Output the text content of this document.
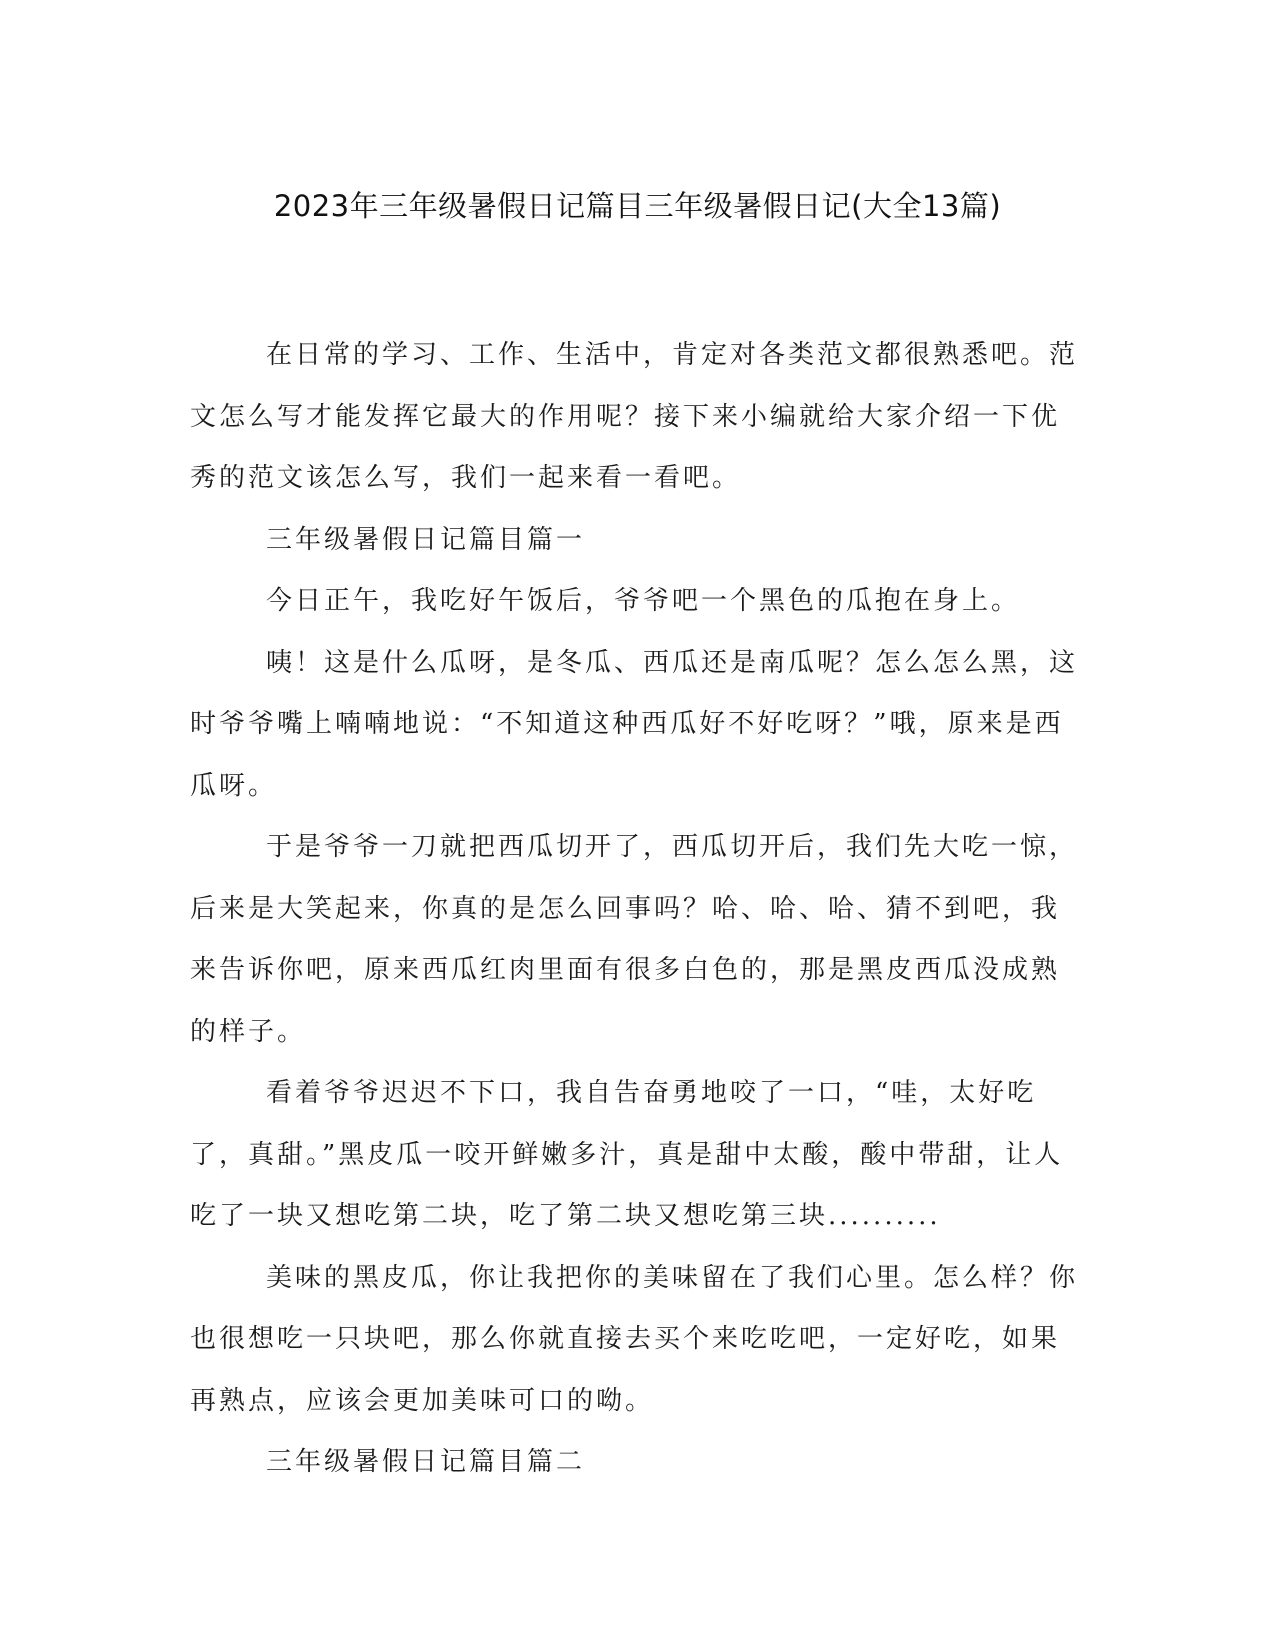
2023年三年级暑假日记篇目三年级暑假日记(大全13篇)

在日常的学习、工作、生活中，肯定对各类范文都很熟悉吧。范文怎么写才能发挥它最大的作用呢？接下来小编就给大家介绍一下优秀的范文该怎么写，我们一起来看一看吧。

三年级暑假日记篇目篇一

今日正午，我吃好午饭后，爷爷吧一个黑色的瓜抱在身上。

咦！这是什么瓜呀，是冬瓜、西瓜还是南瓜呢？怎么怎么黑，这时爷爷嘴上喃喃地说：“不知道这种西瓜好不好吃呀？”哦，原来是西瓜呀。

于是爷爷一刀就把西瓜切开了，西瓜切开后，我们先大吃一惊，后来是大笑起来，你真的是怎么回事吗？哈、哈、哈、猜不到吧，我来告诉你吧，原来西瓜红肉里面有很多白色的，那是黑皮西瓜没成熟的样子。

看着爷爷迟迟不下口，我自告奋勇地咬了一口，“哇，太好吃了，真甜。”黑皮瓜一咬开鲜嫩多汁，真是甜中太酸，酸中带甜，让人吃了一块又想吃第二块，吃了第二块又想吃第三块..........

美味的黑皮瓜，你让我把你的美味留在了我们心里。怎么样？你也很想吃一只块吧，那么你就直接去买个来吃吃吧，一定好吃，如果再熟点，应该会更加美味可口的呦。

三年级暑假日记篇目篇二
